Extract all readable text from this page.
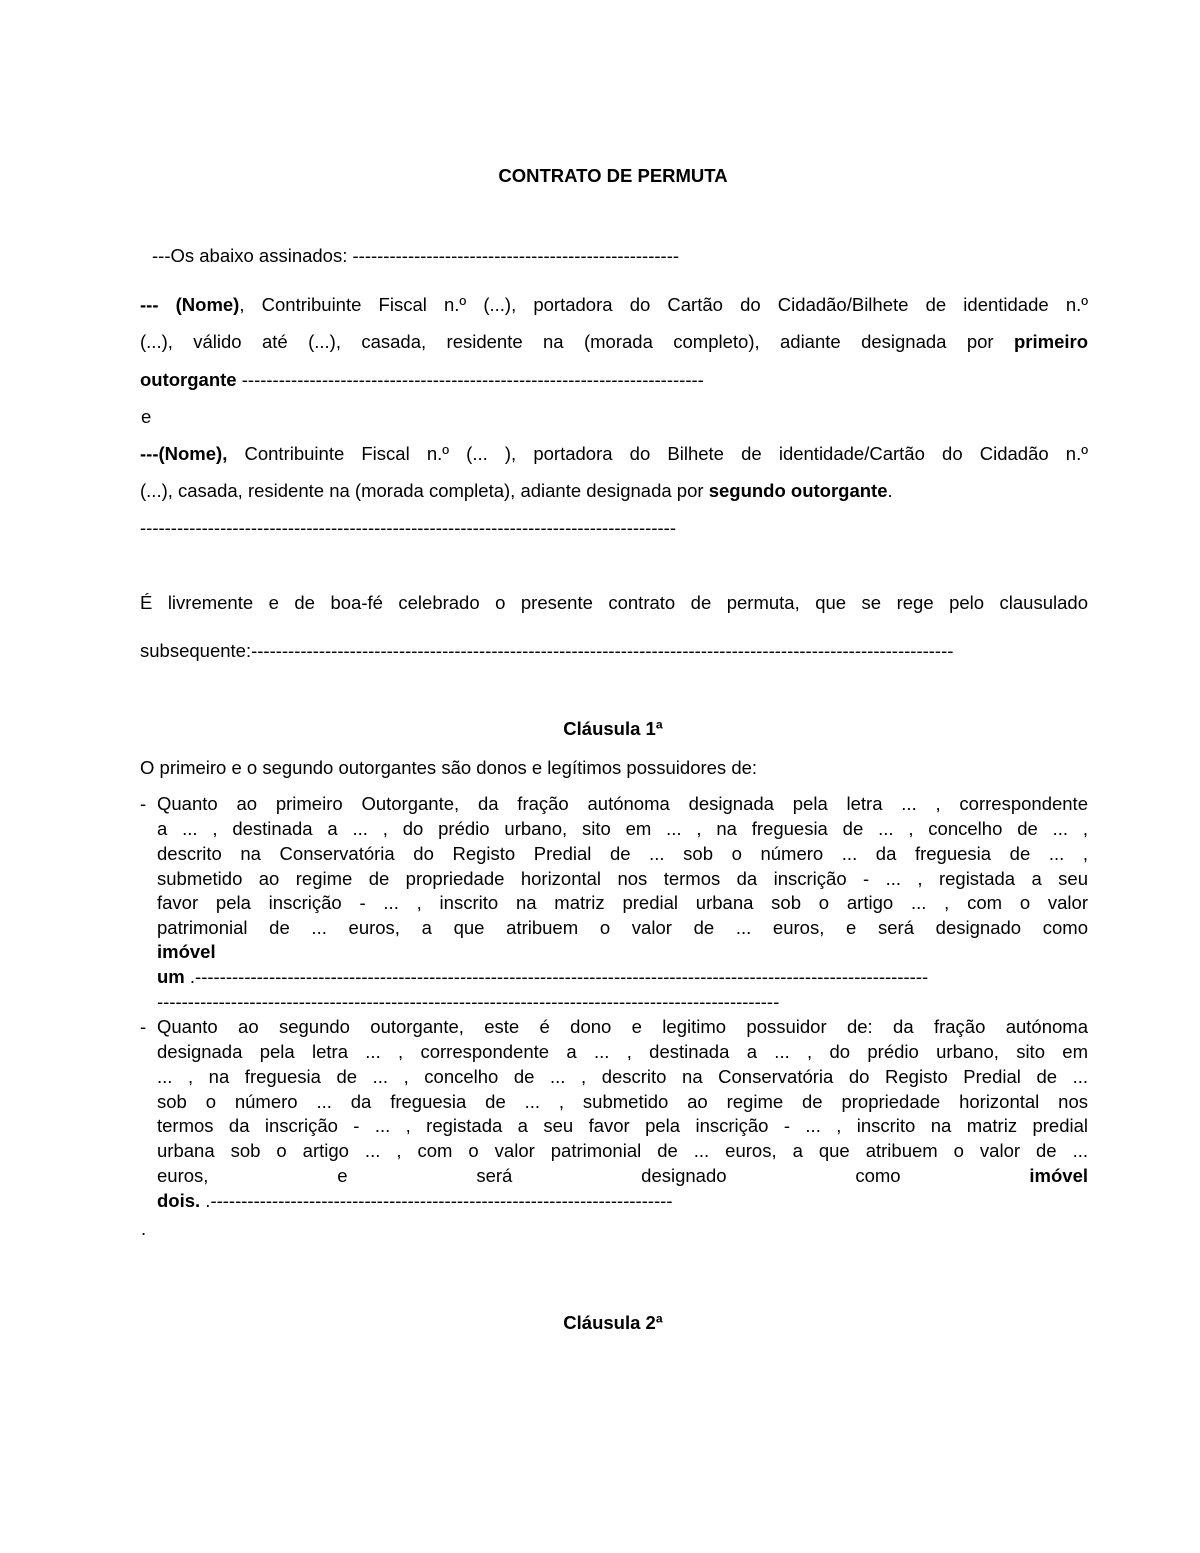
CONTRATO DE PERMUTA
---Os abaixo assinados: -----------------------------------------------------
--- (Nome), Contribuinte Fiscal n.º (...), portadora do Cartão do Cidadão/Bilhete de identidade n.º
(...), válido até (...), casada, residente na (morada completo), adiante designada por primeiro
outorgante ---------------------------------------------------------------------------
e
---(Nome), Contribuinte Fiscal n.º (... ), portadora do Bilhete de identidade/Cartão do Cidadão n.º
(...), casada, residente na (morada completa), adiante designada por segundo outorgante.
---------------------------------------------------------------------------------------
É livremente e de boa-fé celebrado o presente contrato de permuta, que se rege pelo clausulado
subsequente:------------------------------------------------------------------------------------------------------------------
Cláusula 1ª
O primeiro e o segundo outorgantes são donos e legítimos possuidores de:
- Quanto ao primeiro Outorgante, da fração autónoma designada pela letra ... , correspondente
a ... , destinada a ... , do prédio urbano, sito em ... , na freguesia de ... , concelho de ... ,
descrito na Conservatória do Registo Predial de ... sob o número ... da freguesia de ... ,
submetido ao regime de propriedade horizontal nos termos da inscrição - ... , registada a seu
favor pela inscrição - ... , inscrito na matriz predial urbana sob o artigo ... , com o valor
patrimonial de ... euros, a que atribuem o valor de ... euros, e será designado como
imóvel
um .-----------------------------------------------------------------------------------------------------------------------
-----------------------------------------------------------------------------------------------------
- Quanto ao segundo outorgante, este é dono e legitimo possuidor de: da fração autónoma
designada pela letra ... , correspondente a ... , destinada a ... , do prédio urbano, sito em
... , na freguesia de ... , concelho de ... , descrito na Conservatória do Registo Predial de ...
sob o número ... da freguesia de ... , submetido ao regime de propriedade horizontal nos
termos da inscrição - ... , registada a seu favor pela inscrição - ... , inscrito na matriz predial
urbana sob o artigo ... , com o valor patrimonial de ... euros, a que atribuem o valor de ...
euros,	e	será	designado	como	imóvel
dois. .---------------------------------------------------------------------------
.
Cláusula 2ª
